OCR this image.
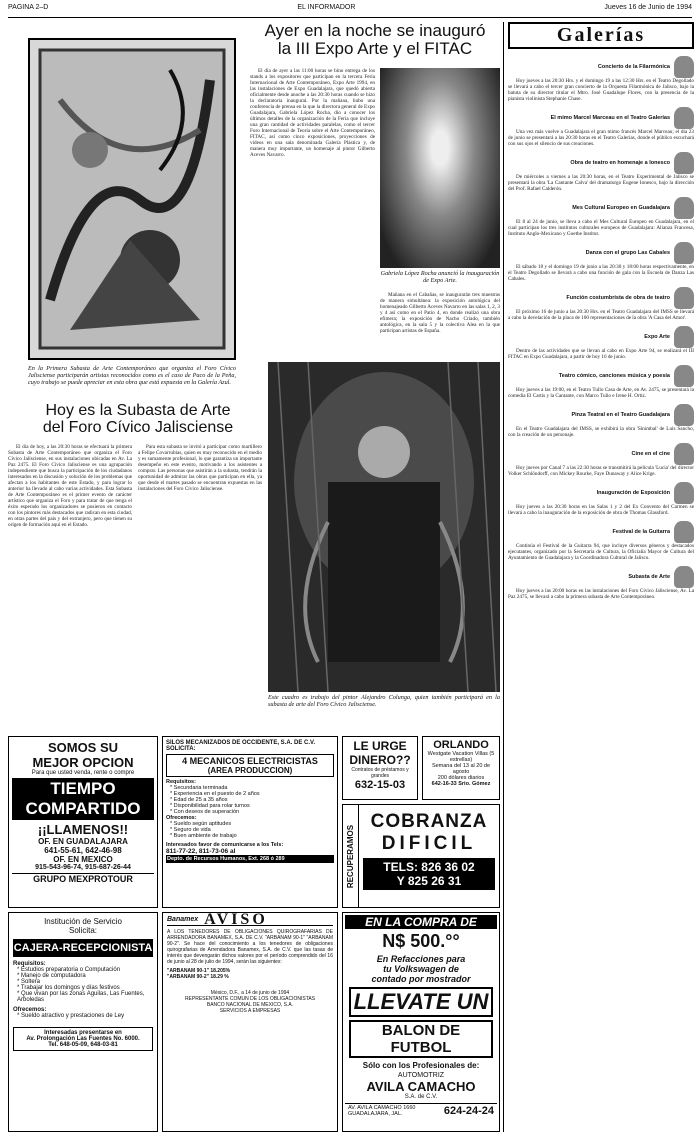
PAGINA 2–D	EL INFORMADOR	Jueves 16 de Junio de 1994
En la Primera Subasta de Arte Contemporáneo que organiza el Foro Cívico Jalisciense participarán artistas reconocidos como es el caso de Paco de la Peña, cuyo trabajo se puede apreciar en esta obra que está expuesta en la Galería Azul.
Hoy es la Subasta de Arte
del Foro Cívico Jalisciense

El día de hoy, a las 20:30 horas se efectuará la primera Subasta de Arte Contemporáneo que organiza el Foro Cívico Jalisciense, en sus instalaciones ubicadas en Av. La Paz 2475. El Foro Cívico Jalisciense es una agrupación independiente que busca la participación de los ciudadanos interesados en la discusión y solución de los problemas que afectan a los habitantes de este Estado, y para lograr lo anterior ha llevado al cabo varias actividades. Esta Subasta de Arte Contemporáneo es el primer evento de carácter artístico que organiza el Foro y para tratar de que tenga el éxito esperado los organizadores se pusieron en contacto con los pintores más destacados que radican en esta ciudad, en otras partes del país y del extranjero, pero que tienen su origen de formación aquí en el Estado.

Para esta subasta se invitó a participar como martillero a Felipe Covarrubias, quien es muy reconocido en el medio y es sumamente profesional, lo que garantiza un importante desempeño en este evento, motivando a los asistentes a comprar. Las personas que asistirán a la subasta, tendrán la oportunidad de admirar las obras que participan en ella, ya que desde el martes pasado se encuentran expuestas en las instalaciones del Foro Cívico Jalisciense.

Ayer en la noche se inauguró
la III Expo Arte y el FITAC

El día de ayer a las 11:00 horas se bino entrega de los stands a los expositores que participan en la tercera Feria Internacional de Arte Contemporáneo, Expo Arte 1994, en las instalaciones de Expo Guadalajara, que quedó abierta oficialmente desde anoche a las 20:30 horas cuando se hizo la declaratoria inaugural. Por la mañana, hubo una conferencia de prensa en la que la directora general de Expo Guadalajara, Gabriela López Rocha, dio a conocer los últimos detalles de la organización de la Feria que incluye una gran cantidad de actividades paralelas, como el tercer Foro Internacional de Teoría sobre el Arte Contemporáneo, FITAC, así como cinco exposiciones, proyecciones de videos en una sala denominada Galería Plástica y, de manera muy importante, un homenaje al pintor Gilberto Aceves Navarro.

Gabriela López Rocha anunció la inauguración de Expo Arte.

Mañana en el Cabañas, se inaugurarán tres muestras de manera simultánea: la exposición antológica del homenajeado Gilberto Aceves Navarro en las salas 1, 2, 3 y 4 así como en el Patio 4, en donde realizó una obra efímera; la exposición de Nacho Criado, también antológica, en la sala 5 y la colectiva Alea en la que participan artistas de España.

Este cuadro es trabajo del pintor Alejandro Colunga, quien también participará en la subasta de arte del Foro Cívico Jalisciense.
Galerías
Concierto de la Filarmónica
Hoy jueves a las 20:30 Hrs. y el domingo 19 a las 12:30 Hrs. en el Teatro Degollado se llevará a cabo el tercer gran concierto de la Orquesta Filarmónica de Jalisco, bajo la batuta de su director titular el Mtro. José Guadalupe Flores, con la presencia de la pianista violinista Stephanie Chase.
El mimo Marcel Marceau en el Teatro Galerías
Una vez más vuelve a Guadalajara el gran mimo francés Marcel Marceau; el día 23 de junio se presentará a las 20:30 horas en el Teatro Galerías, donde el público escuchará con sus ojos el silencio de sus creaciones.
Obra de teatro en homenaje a Ionesco
De miércoles a viernes a las 20:30 horas, en el Teatro Experimental de Jalisco se presentará la obra 'La Cantante Calva' del dramaturgo Eugene Ionesco, bajo la dirección del Prof. Rafael Calderón.
Mes Cultural Europeo en Guadalajara
El 8 al 24 de junio, se lleva a cabo el Mes Cultural Europeo en Guadalajara, en el cual participan los tres institutos culturales europeos de Guadalajara: Alianza Francesa, Instituto Anglo-Mexicano y Goethe Institut.
Danza con el grupo Las Cabales
El sábado 18 y el domingo 19 de junio a las 20:30 y 18:00 horas respectivamente, en el Teatro Degollado se llevará a cabo una función de gala con la Escuela de Danza Las Cabales.
Función costumbrista de obra de teatro
El próximo 16 de junio a las 20:30 Hrs. en el Teatro Guadalajara del IMSS se llevará a cabo la develación de la placa de 100 representaciones de la obra 'A Casa del Amor'.
Expo Arte
Dentro de las actividades que se llevan al cabo en Expo Arte 94, se realizará el III FITAC en Expo Guadalajara, a partir de hoy 16 de junio.
Teatro cómico, canciones música y poesía
Hoy jueves a las 19:00, en el Teatro Tullo Casa de Arte, en Av. 2475, se presentará la comedia El Cartis y la Cantante, con Marco Tulio e Irene H. Ortiz.
Pinza Teatral en el Teatro Guadalajara
En el Teatro Guadalajara del IMSS, se exhibirá la obra 'Sinimbal' de Luis Sancho, con la creación de un personaje.
Cine en el cine
Hoy jueves por Canal 7 a las 22:30 horas se transmitirá la película 'Lucia' del director Volker Schlöndorff, con Mickey Rourke, Faye Dunaway y Alice Krige.
Inauguración de Exposición
Hoy jueves a las 20:30 horas en las Salas 1 y 2 del Ex Convento del Carmen se llevará a cabo la inauguración de la exposición de obra de Thomas Glassford.
Festival de la Guitarra
Continúa el Festival de la Guitarra 94, que incluye diversos géneros y destacados ejecutantes, organizado por la Secretaría de Cultura, la Oficialía Mayor de Cultura del Ayuntamiento de Guadalajara y la Coordinadora Cultural de Jalisco.
Subasta de Arte
Hoy jueves a las 20:00 horas en las instalaciones del Foro Cívico Jalisciense, Av. La Paz 2475, se llevará a cabo la primera subasta de Arte Contemporáneo.
SOMOS SU
MEJOR OPCION
Para que usted venda, rente o compre
TIEMPO
COMPARTIDO
¡¡LLAMENOS!!
OF. EN GUADALAJARA
641-55-61, 642-46-98
OF. EN MEXICO
915-543-96-74, 915-687-26-44
GRUPO MEXPROTOUR
SILOS MECANIZADOS DE OCCIDENTE, S.A. DE C.V.
SOLICITA:
4 MECANICOS ELECTRICISTAS
(AREA PRODUCCION)
Requisitos:
* Secundaria terminada
* Experiencia en el puesto de 2 años
* Edad de 25 a 35 años
* Disponibilidad para rolar turnos
* Con deseos de superación
Ofrecemos:
* Sueldo según aptitudes
* Seguro de vida
* Buen ambiente de trabajo
Interesados favor de comunicarse a los Tels:
811-77-22, 811-73-06 al
Depto. de Recursos Humanos, Ext. 268 ó 289
LE URGE
DINERO??
Contratos de préstamos y grandes
632-15-03
ORLANDO
Westgate Vacation Villas (5 estrellas)
Semana del 13 al 20 de agosto
200 dólares diarios
642-16-33 Srio. Gómez
RECUPERAMOS
COBRANZA
DIFICIL
TELS: 826 36 02
Y 825 26 31
Institución de Servicio
Solicita:
CAJERA-RECEPCIONISTA
Requisitos:
* Estudios preparatoria o Computación
* Manejo de computadora
* Soltera
* Trabajar los domingos y días festivos
* Que vivan por las zonas Aguilas, Las Fuentes, Arboledas
Ofrecemos:
* Sueldo atractivo y prestaciones de Ley
Interesadas presentarse en
Av. Prolongación Las Fuentes No. 6000.
Tel. 648-05-09, 648-03-81
Banamex AVISO

A LOS TENEDORES DE OBLIGACIONES QUIROGRAFARIAS DE ARRENDADORA BANAMEX, S.A. DE C.V. "ARBANAM 90-1" "ARBANAM 90-2". Se hace del conocimiento a los tenedores de obligaciones quirografarias de Arrendadora Banamex, S.A. de C.V. que las tasas de interés que devengarán dichos valores por el período comprendido del 16 de junio al 28 de julio de 1994, serán las siguientes:

"ARBANAM 90-1" 18.205%
"ARBANAM 90-2" 18.29 %
México, D.F., a 14 de junio de 1994
REPRESENTANTE COMUN DE LOS OBLIGACIONISTAS
BANCO NACIONAL DE MEXICO, S.A.
SERVICIOS A EMPRESAS
EN LA COMPRA DE
N$ 500.°°
En Refacciones para
tu Volkswagen de
contado por mostrador
LLEVATE UN
BALON DE FUTBOL
Sólo con los Profesionales de:
AUTOMOTRIZ
AVILA CAMACHO
S.A. de C.V.
AV. AVILA CAMACHO 1660
GUADALAJARA, JAL.	624-24-24
